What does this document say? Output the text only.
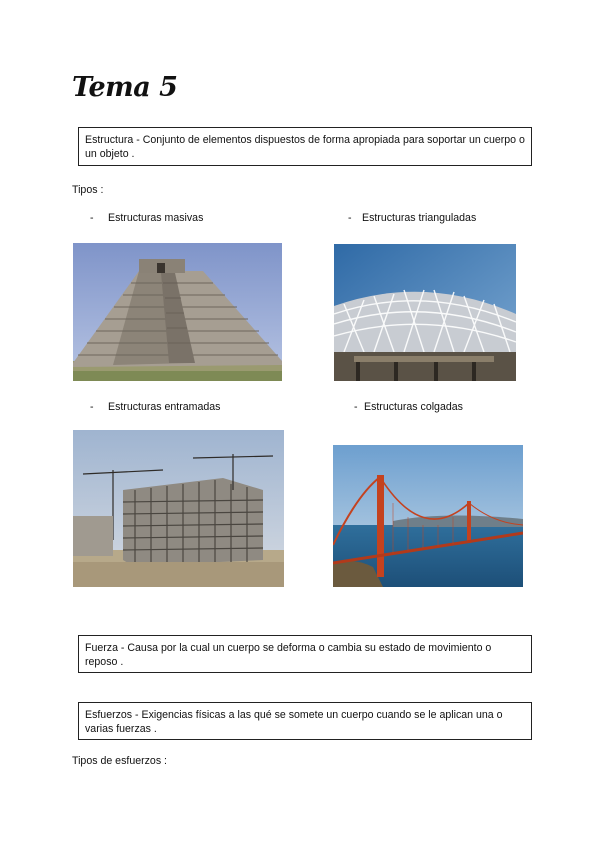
Tema 5
Estructura - Conjunto de elementos dispuestos de forma apropiada para soportar un cuerpo o un objeto .
Tipos :
- Estructuras masivas	- Estructuras trianguladas
- Estructuras entramadas	- Estructuras colgadas
Fuerza - Causa por la cual un cuerpo se deforma o cambia su estado de movimiento o reposo .
Esfuerzos - Exigencias físicas a las qué se somete un cuerpo cuando se le aplican una o varias fuerzas .
Tipos de esfuerzos :
